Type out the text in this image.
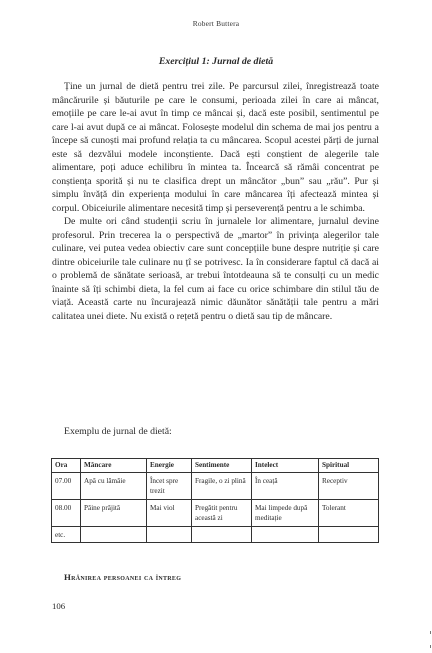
Robert Buttera
Exercițiul 1: Jurnal de dietă

Ține un jurnal de dietă pentru trei zile. Pe parcursul zilei, înregistrează toate mâncărurile și băuturile pe care le consumi, perioada zilei în care ai mâncat, emoțiile pe care le-ai avut în timp ce mâncai și, dacă este posibil, sentimentul pe care l-ai avut după ce ai mâncat. Folosește modelul din schema de mai jos pentru a începe să cunoști mai profund relația ta cu mâncarea. Scopul acestei părți de jurnal este să dezvălui modele inconștiente. Dacă ești conștient de alegerile tale alimentare, poți aduce echilibru în mintea ta. Încearcă să rămâi concentrat pe conștiența sporită și nu te clasifica drept un mâncător „bun” sau „rău”. Pur și simplu învăță din experiența modului în care mâncarea îți afectează mintea și corpul. Obiceiurile alimentare necesită timp și perseverență pentru a le schimba.

De multe ori când studenții scriu în jurnalele lor alimentare, jurnalul devine profesorul. Prin trecerea la o perspectivă de „martor” în privința alegerilor tale culinare, vei putea vedea obiectiv care sunt concepțiile bune despre nutriție și care dintre obiceiurile tale culinare nu țî se potrivesc. Ia în considerare faptul că dacă ai o problemă de sănătate serioasă, ar trebui întotdeauna să te consulți cu un medic înainte să îți schimbi dieta, la fel cum ai face cu orice schimbare din stilul tău de viață. Această carte nu încurajează nimic dăunător sănătății tale pentru a mări calitatea unei diete. Nu există o rețetă pentru o dietă sau tip de mâncare.

Exemplu de jurnal de dietă:
Ora	Mâncare	Energie	Sentimente	Intelect	Spiritual
07.00	Apă cu lămâie	Încet spre trezit	Fragile, o zi plină	În ceață	Receptiv
08.00	Pâine prăjită	Mai viol	Pregătit pentru această zi	Mai limpede după meditație	Tolerant
etc.					
Hrănirea persoanei ca întreg
106
